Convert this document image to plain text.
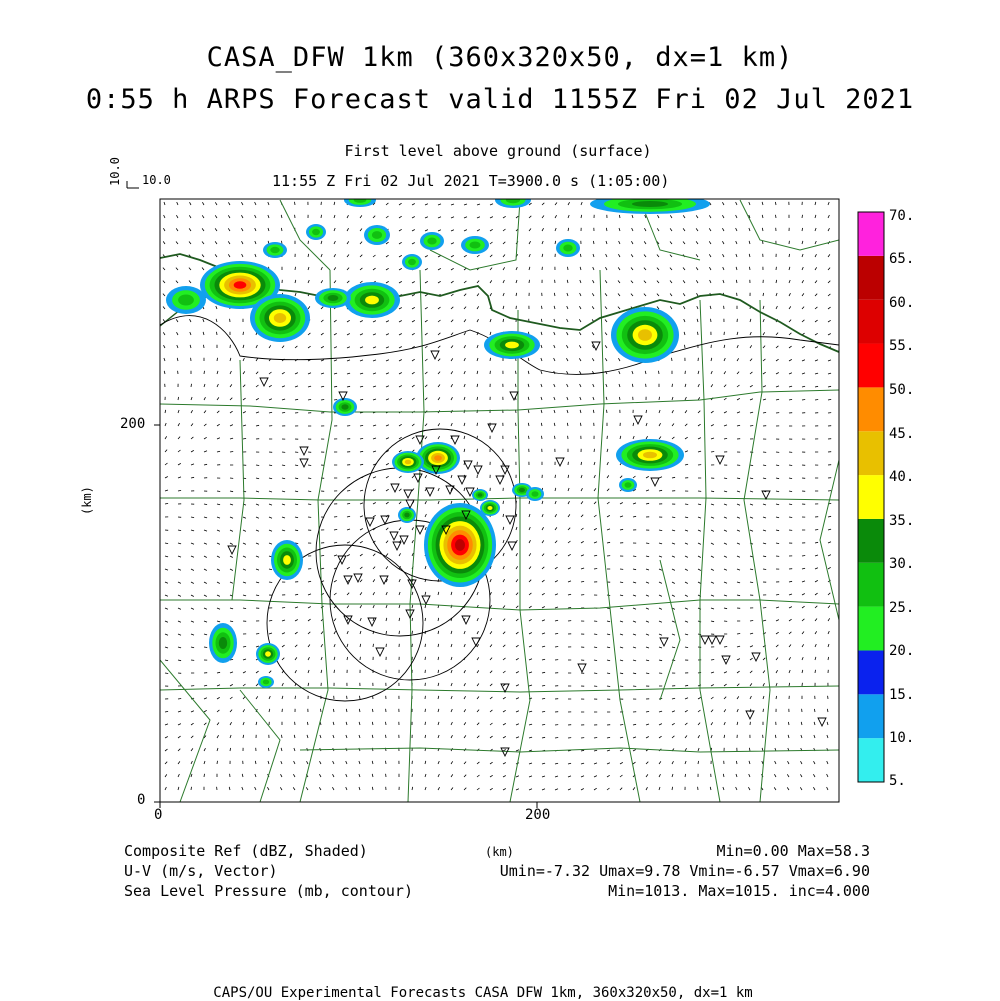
CASA_DFW 1km (360x320x50, dx=1 km)
0:55 h ARPS Forecast valid 1155Z Fri 02 Jul 2021
First level above ground (surface)
11:55 Z Fri 02 Jul 2021 T=3900.0 s (1:05:00)
10.0
10.0
200
0
0	200
(km)
(km)
5.
10.
15.
20.
25.
30.
35.
40.
45.
50.
55.
60.
65.
70.
Composite Ref (dBZ, Shaded)
U-V (m/s, Vector)
Sea Level Pressure (mb, contour)
Min=0.00 Max=58.3
Umin=-7.32 Umax=9.78 Vmin=-6.57 Vmax=6.90
Min=1013. Max=1015. inc=4.000
CAPS/OU Experimental Forecasts CASA DFW 1km, 360x320x50, dx=1 km
